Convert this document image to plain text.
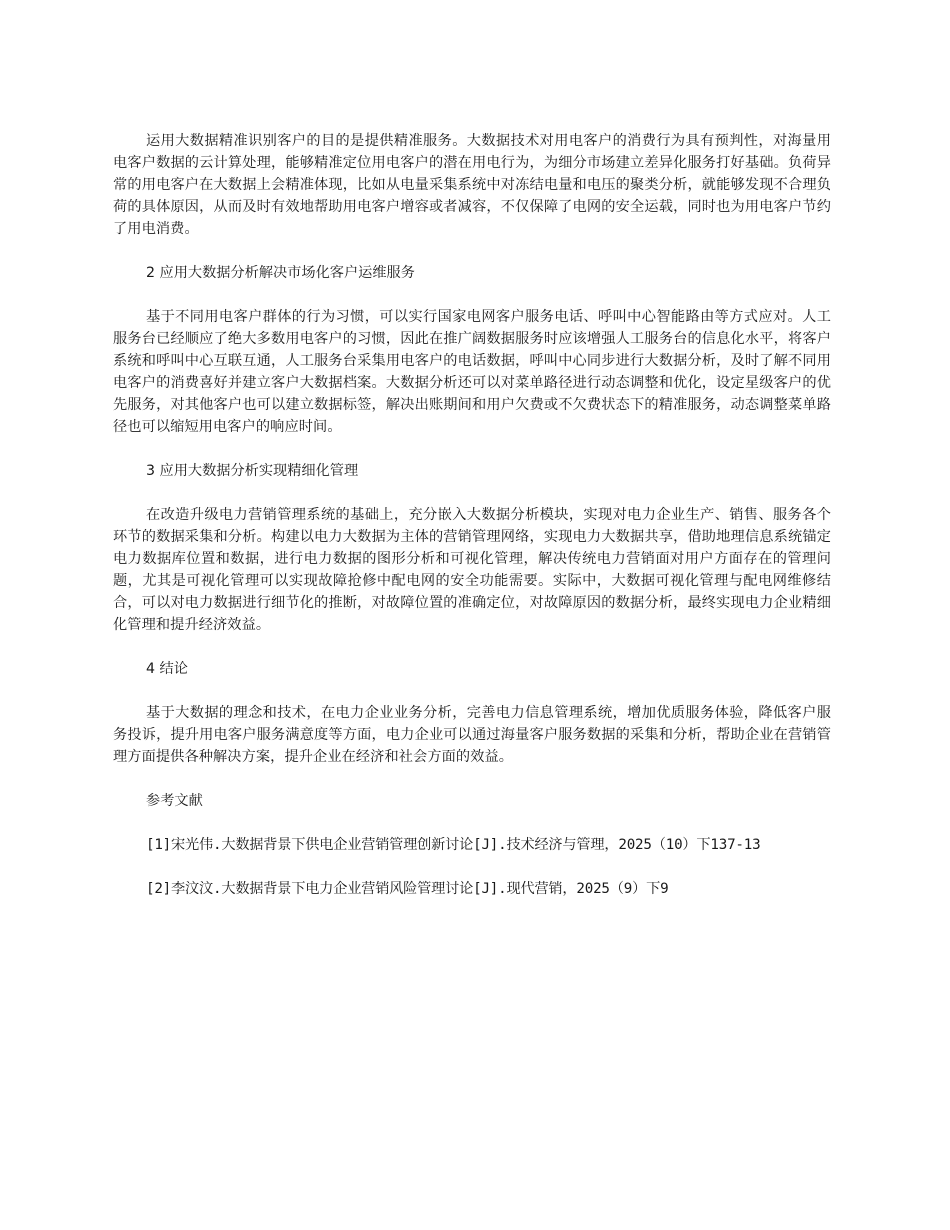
运用大数据精准识别客户的目的是提供精准服务。大数据技术对用电客户的消费行为具有预判性，对海量用电客户数据的云计算处理，能够精准定位用电客户的潜在用电行为，为细分市场建立差异化服务打好基础。负荷异常的用电客户在大数据上会精准体现，比如从电量采集系统中对冻结电量和电压的聚类分析，就能够发现不合理负荷的具体原因，从而及时有效地帮助用电客户增容或者减容，不仅保障了电网的安全运载，同时也为用电客户节约了用电消费。

2 应用大数据分析解决市场化客户运维服务

基于不同用电客户群体的行为习惯，可以实行国家电网客户服务电话、呼叫中心智能路由等方式应对。人工服务台已经顺应了绝大多数用电客户的习惯，因此在推广阔数据服务时应该增强人工服务台的信息化水平，将客户系统和呼叫中心互联互通，人工服务台采集用电客户的电话数据，呼叫中心同步进行大数据分析，及时了解不同用电客户的消费喜好并建立客户大数据档案。大数据分析还可以对菜单路径进行动态调整和优化，设定星级客户的优先服务，对其他客户也可以建立数据标签，解决出账期间和用户欠费或不欠费状态下的精准服务，动态调整菜单路径也可以缩短用电客户的响应时间。

3 应用大数据分析实现精细化管理

在改造升级电力营销管理系统的基础上，充分嵌入大数据分析模块，实现对电力企业生产、销售、服务各个环节的数据采集和分析。构建以电力大数据为主体的营销管理网络，实现电力大数据共享，借助地理信息系统锚定电力数据库位置和数据，进行电力数据的图形分析和可视化管理，解决传统电力营销面对用户方面存在的管理问题，尤其是可视化管理可以实现故障抢修中配电网的安全功能需要。实际中，大数据可视化管理与配电网维修结合，可以对电力数据进行细节化的推断，对故障位置的准确定位，对故障原因的数据分析，最终实现电力企业精细化管理和提升经济效益。

4 结论

基于大数据的理念和技术，在电力企业业务分析，完善电力信息管理系统，增加优质服务体验，降低客户服务投诉，提升用电客户服务满意度等方面，电力企业可以通过海量客户服务数据的采集和分析，帮助企业在营销管理方面提供各种解决方案，提升企业在经济和社会方面的效益。

参考文献

[1]宋光伟.大数据背景下供电企业营销管理创新讨论[J].技术经济与管理，2025（10）下137-13

[2]李汶汶.大数据背景下电力企业营销风险管理讨论[J].现代营销，2025（9）下9
